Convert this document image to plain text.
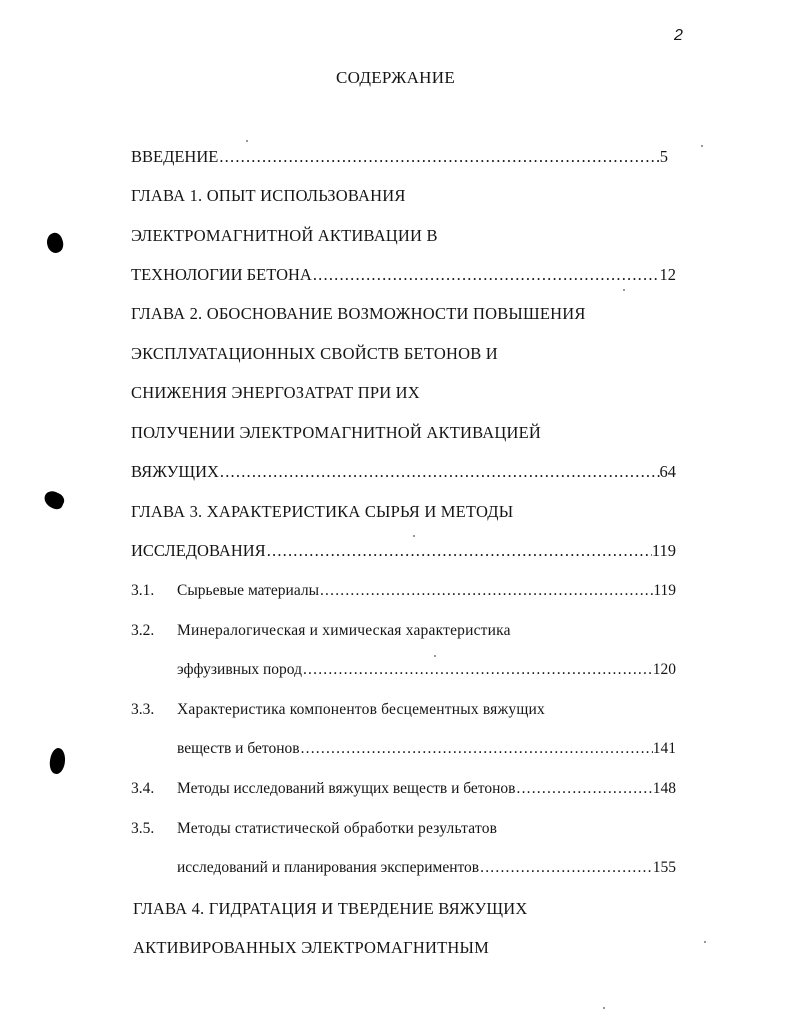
2
СОДЕРЖАНИЕ
ВВЕДЕНИЕ .....	5
ГЛАВА 1. ОПЫТ ИСПОЛЬЗОВАНИЯ
ЭЛЕКТРОМАГНИТНОЙ АКТИВАЦИИ В
ТЕХНОЛОГИИ БЕТОНА .....	12
ГЛАВА 2. ОБОСНОВАНИЕ ВОЗМОЖНОСТИ ПОВЫШЕНИЯ
ЭКСПЛУАТАЦИОННЫХ СВОЙСТВ БЕТОНОВ И
СНИЖЕНИЯ ЭНЕРГОЗАТРАТ ПРИ ИХ
ПОЛУЧЕНИИ ЭЛЕКТРОМАГНИТНОЙ АКТИВАЦИЕЙ
ВЯЖУЩИХ .....	64
ГЛАВА 3. ХАРАКТЕРИСТИКА СЫРЬЯ И МЕТОДЫ
ИССЛЕДОВАНИЯ .....	119
3.1. Сырьевые материалы .....	119
3.2. Минералогическая и химическая характеристика
эффузивных пород .....	120
3.3. Характеристика компонентов бесцементных вяжущих
веществ и бетонов .....	141
3.4. Методы исследований вяжущих веществ и бетонов .....	148
3.5. Методы статистической обработки результатов
исследований и планирования экспериментов .....	155
ГЛАВА 4. ГИДРАТАЦИЯ И ТВЕРДЕНИЕ ВЯЖУЩИХ
АКТИВИРОВАННЫХ ЭЛЕКТРОМАГНИТНЫМ
